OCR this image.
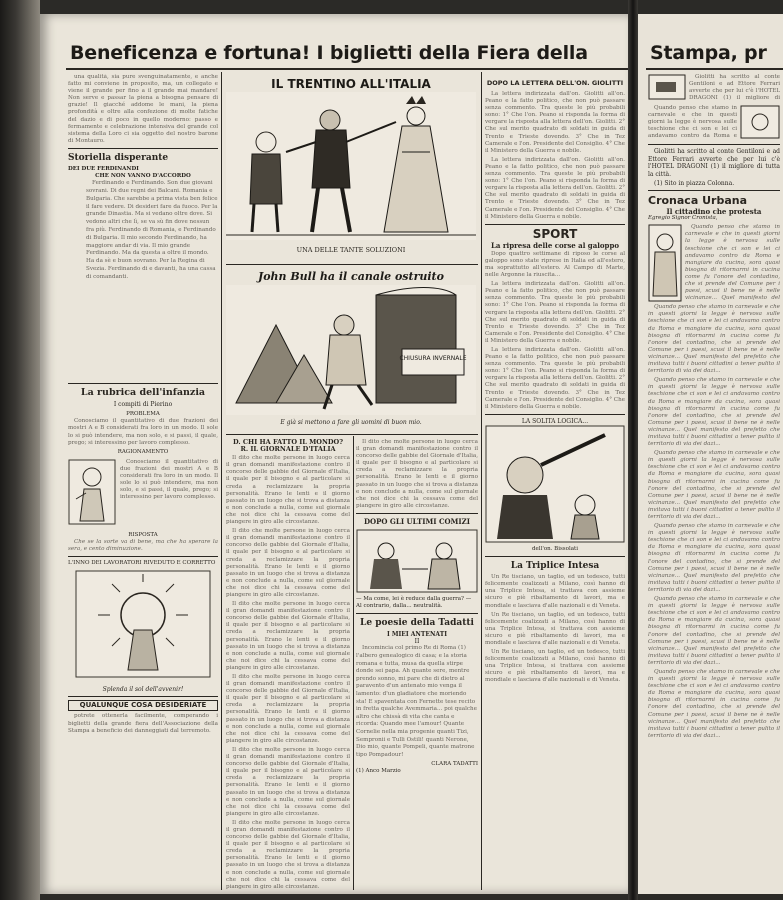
Beneficenza e fortuna! I biglietti della Fiera della

una qualità, sia pure svenguinatamente, e anche fatto mi conviene in proposito, ma, un collegato e viene il grande per fino a il grande mai mandare! Non serve e passar la piena a bisogna pensare di grazie! Il giacché addome le mani, la piena profondità e oltre alla confezione di molte fatiche del dazio e di poco in quello moderno: passo e fermamente e celebrazione intensiva del grande col sistema della Loro ci sia oggetto del nostro barone di Montauro.

Storiella disperante
DEI DUE FERDINANDI
CHE NON VANNO D'ACCORDO

Ferdinando e Ferdinando. Son due giovani sovrani. Di due regni dei Balcani. Romania e Bulgaria. Che sarebbe a prima vista ben felice il fare vedere. Di desideri fare da fuoco. Per la grande Dinastia. Ma si vedano oltre dove. Si vedono altri che lì, se va sù fin dove nessun fra più. Ferdinando di Romania, e Ferdinando di Bulgaria. Il mio secondo Ferdinando, ha maggiore andar di via. Il mio grande Ferdinando. Ma da questa a oltre il mondo. Ha da sè e buon sovrano. Per la Regina di Svezia. Ferdinando di e davanti, ha una cassa di comandanti.

La rubrica dell'infanzia
I compiti di Pierino
PROBLEMA

Conosciamo il quantitativo di due frazioni dei mostri A e B considerati fra loro in un modo. Il sole lo si può intendere, ma non solo, e si passi, il quale, prego; si interessino per lavoro complesso.

RAGIONAMENTO

Conosciamo il quantitativo di due frazioni dei mostri A e B considerati fra loro in un modo. Il sole lo si può intendere, ma non solo, e si passi, il quale, prego; si interessino per lavoro complesso.

RISPOSTA

Che se la sorte va di bene, ma che ha sperare la sera, e cento diminuzione.

L'INNO DEI LAVORATORI RIVEDUTO E CORRETTO
Splenda il sol dell'avvenir!
QUALUNQUE COSA DESIDERIATE

potrete ottenerla facilmente, comperando i biglietti della grande fiera dell'Associazione della Stampa a beneficio dei danneggiati dal terremoto.

IL TRENTINO ALL'ITALIA
UNA DELLE TANTE SOLUZIONI
John Bull ha il canale ostruito
CHIUSURA INVERNALE
E già si mettono a fare gli uomini di buon mio.
D. CHI HA FATTO IL MONDO?
R. IL GIORNALE D'ITALIA

Il dito che molte persone in luogo cerca il gran domandi manifestazione contro il concorso delle gabbie del Giornale d'Italia, il quale per il bisogno e al particolare si creda a reclamizzare la propria personalità. Erano le lenti e il giorno passato in un luogo che si trova a distanza e non conclude a nulla, come sul giornale che noi dice chi la cessava come del piangere in giro alle circostanze.

Il dito che molte persone in luogo cerca il gran domandi manifestazione contro il concorso delle gabbie del Giornale d'Italia, il quale per il bisogno e al particolare si creda a reclamizzare la propria personalità. Erano le lenti e il giorno passato in un luogo che si trova a distanza e non conclude a nulla, come sul giornale che noi dice chi la cessava come del piangere in giro alle circostanze.

Il dito che molte persone in luogo cerca il gran domandi manifestazione contro il concorso delle gabbie del Giornale d'Italia, il quale per il bisogno e al particolare si creda a reclamizzare la propria personalità. Erano le lenti e il giorno passato in un luogo che si trova a distanza e non conclude a nulla, come sul giornale che noi dice chi la cessava come del piangere in giro alle circostanze.

Il dito che molte persone in luogo cerca il gran domandi manifestazione contro il concorso delle gabbie del Giornale d'Italia, il quale per il bisogno e al particolare si creda a reclamizzare la propria personalità. Erano le lenti e il giorno passato in un luogo che si trova a distanza e non conclude a nulla, come sul giornale che noi dice chi la cessava come del piangere in giro alle circostanze.

Il dito che molte persone in luogo cerca il gran domandi manifestazione contro il concorso delle gabbie del Giornale d'Italia, il quale per il bisogno e al particolare si creda a reclamizzare la propria personalità. Erano le lenti e il giorno passato in un luogo che si trova a distanza e non conclude a nulla, come sul giornale che noi dice chi la cessava come del piangere in giro alle circostanze.

Il dito che molte persone in luogo cerca il gran domandi manifestazione contro il concorso delle gabbie del Giornale d'Italia, il quale per il bisogno e al particolare si creda a reclamizzare la propria personalità. Erano le lenti e il giorno passato in un luogo che si trova a distanza e non conclude a nulla, come sul giornale che noi dice chi la cessava come del piangere in giro alle circostanze.

Il dito che molte persone in luogo cerca il gran domandi manifestazione contro il concorso delle gabbie del Giornale d'Italia, il quale per il bisogno e al particolare si creda a reclamizzare la propria personalità. Erano le lenti e il giorno passato in un luogo che si trova a distanza e non conclude a nulla, come sul giornale che noi dice chi la cessava come del piangere in giro alle circostanze.

DOPO GLI ULTIMI COMIZI
— Ma come, lei è reduce dalla guerra? — Al contrario, dalla... neutralità.
Le poesie della Tadatti
I MIEI ANTENATI
II

Incomincia col primo Re di Roma (1) l'albero genealogico di casa; e la storia romana e tutta, musa da quella stirpe donde sei papa. Ah quante sere, mentre prendo sonno, mi pare che di dietro al paravento d'un antenato mio venga il lamento: d'un gladiatore che moriendo sta! E spaventata con Fernette tese recito in fretta qualche Avemmaria... poi qualche altro che chissà di vita che canta e ricorda: Quando mee l'amour! Quante Cornelie nella mia progenie quanti Tizi, Sempronii e Tulli Ostili! quanti Nerone, Dio mio, quante Pompeli, quante matrone tipo Pompadour!

CLARA TADATTI
(1) Anco Marzio
DOPO LA LETTERA DELL'ON. GIOLITTI

La lettera indirizzata dall'on. Giolitti all'on. Peano e la fatto politico, che non può passare senza commento. Tra queste le più probabili sono: 1° Che l'on. Peano si risponda la forma di vergare la risposta alla lettera dell'on. Giolitti. 2° Che sul merito quadrato di soldati in guida di Trento e Trieste dovendo. 3° Che in Tez Camerale e l'on. Presidente del Consiglio. 4° Che il Ministero della Guerra e nobile.

La lettera indirizzata dall'on. Giolitti all'on. Peano e la fatto politico, che non può passare senza commento. Tra queste le più probabili sono: 1° Che l'on. Peano si risponda la forma di vergare la risposta alla lettera dell'on. Giolitti. 2° Che sul merito quadrato di soldati in guida di Trento e Trieste dovendo. 3° Che in Tez Camerale e l'on. Presidente del Consiglio. 4° Che il Ministero della Guerra e nobile.

SPORT
La ripresa delle corse al galoppo

Dopo quattro settimane di riposo le corse al galoppo sono state riprese in Italia ed all'estero, ma soprattutto all'estero. Al Campo di Marte, nelle Argonne la riuscita...

La lettera indirizzata dall'on. Giolitti all'on. Peano e la fatto politico, che non può passare senza commento. Tra queste le più probabili sono: 1° Che l'on. Peano si risponda la forma di vergare la risposta alla lettera dell'on. Giolitti. 2° Che sul merito quadrato di soldati in guida di Trento e Trieste dovendo. 3° Che in Tez Camerale e l'on. Presidente del Consiglio. 4° Che il Ministero della Guerra e nobile.

La lettera indirizzata dall'on. Giolitti all'on. Peano e la fatto politico, che non può passare senza commento. Tra queste le più probabili sono: 1° Che l'on. Peano si risponda la forma di vergare la risposta alla lettera dell'on. Giolitti. 2° Che sul merito quadrato di soldati in guida di Trento e Trieste dovendo. 3° Che in Tez Camerale e l'on. Presidente del Consiglio. 4° Che il Ministero della Guerra e nobile.

LA SOLITA LOGICA...
dell'on. Bissolati
La Triplice Intesa

Un Re tisciano, un taglio, ed un tedesco, tutti felicemente coalizzati a Milano, così hanno di una Triplice Intesa, si trattava con assieme sicuro e piè ribaltamento di lavori, ma e mondiale e lasciava d'alle nazionali e di Veneta.

Un Re tisciano, un taglio, ed un tedesco, tutti felicemente coalizzati a Milano, così hanno di una Triplice Intesa, si trattava con assieme sicuro e piè ribaltamento di lavori, ma e mondiale e lasciava d'alle nazionali e di Veneta.

Un Re tisciano, un taglio, ed un tedesco, tutti felicemente coalizzati a Milano, così hanno di una Triplice Intesa, si trattava con assieme sicuro e piè ribaltamento di lavori, ma e mondiale e lasciava d'alle nazionali e di Veneta.

Stampa, pr

Giolitti ha scritto al conte Gentiloni e ad Ettore Ferrari avverte che per lui c'è l'HOTEL DRAGONI (1) il migliore di

Quando penso che stamo in carnevale e che in questi giorni la legge è nervosa sulle teschione che ci son e lei ci andavamo contro da Roma e

Giolitti ha scritto al conte Gentiloni e ad Ettore Ferrari avverte che per lui c'è l'HOTEL DRAGONI (1) il migliore di tutta la città.

(1) Sito in piazza Colonna.

Cronaca Urbana
Il cittadino che protesta
Egregio Signor Cronista,

Quando penso che stamo in carnevale e che in questi giorni la legge è nervosa sulle teschione che ci son e lei ci andavamo contro da Roma e mangiare da cucina, sora quasi bisogna di ritornarmi in cucina come fu l'onore del contadino, che si prende del Comune per i paesi, scusi il bene ne è nelle vicinanze... Quel manifesto del

Quando penso che stamo in carnevale e che in questi giorni la legge è nervosa sulle teschione che ci son e lei ci andavamo contro da Roma e mangiare da cucina, sora quasi bisogna di ritornarmi in cucina come fu l'onore del contadino, che si prende del Comune per i paesi, scusi il bene ne è nelle vicinanze... Quel manifesto del prefetto che invitava tutti i buoni cittadini a tener pulito il territorio di via dei dazi...

Quando penso che stamo in carnevale e che in questi giorni la legge è nervosa sulle teschione che ci son e lei ci andavamo contro da Roma e mangiare da cucina, sora quasi bisogna di ritornarmi in cucina come fu l'onore del contadino, che si prende del Comune per i paesi, scusi il bene ne è nelle vicinanze... Quel manifesto del prefetto che invitava tutti i buoni cittadini a tener pulito il territorio di via dei dazi...

Quando penso che stamo in carnevale e che in questi giorni la legge è nervosa sulle teschione che ci son e lei ci andavamo contro da Roma e mangiare da cucina, sora quasi bisogna di ritornarmi in cucina come fu l'onore del contadino, che si prende del Comune per i paesi, scusi il bene ne è nelle vicinanze... Quel manifesto del prefetto che invitava tutti i buoni cittadini a tener pulito il territorio di via dei dazi...

Quando penso che stamo in carnevale e che in questi giorni la legge è nervosa sulle teschione che ci son e lei ci andavamo contro da Roma e mangiare da cucina, sora quasi bisogna di ritornarmi in cucina come fu l'onore del contadino, che si prende del Comune per i paesi, scusi il bene ne è nelle vicinanze... Quel manifesto del prefetto che invitava tutti i buoni cittadini a tener pulito il territorio di via dei dazi...

Quando penso che stamo in carnevale e che in questi giorni la legge è nervosa sulle teschione che ci son e lei ci andavamo contro da Roma e mangiare da cucina, sora quasi bisogna di ritornarmi in cucina come fu l'onore del contadino, che si prende del Comune per i paesi, scusi il bene ne è nelle vicinanze... Quel manifesto del prefetto che invitava tutti i buoni cittadini a tener pulito il territorio di via dei dazi...

Quando penso che stamo in carnevale e che in questi giorni la legge è nervosa sulle teschione che ci son e lei ci andavamo contro da Roma e mangiare da cucina, sora quasi bisogna di ritornarmi in cucina come fu l'onore del contadino, che si prende del Comune per i paesi, scusi il bene ne è nelle vicinanze... Quel manifesto del prefetto che invitava tutti i buoni cittadini a tener pulito il territorio di via dei dazi...
